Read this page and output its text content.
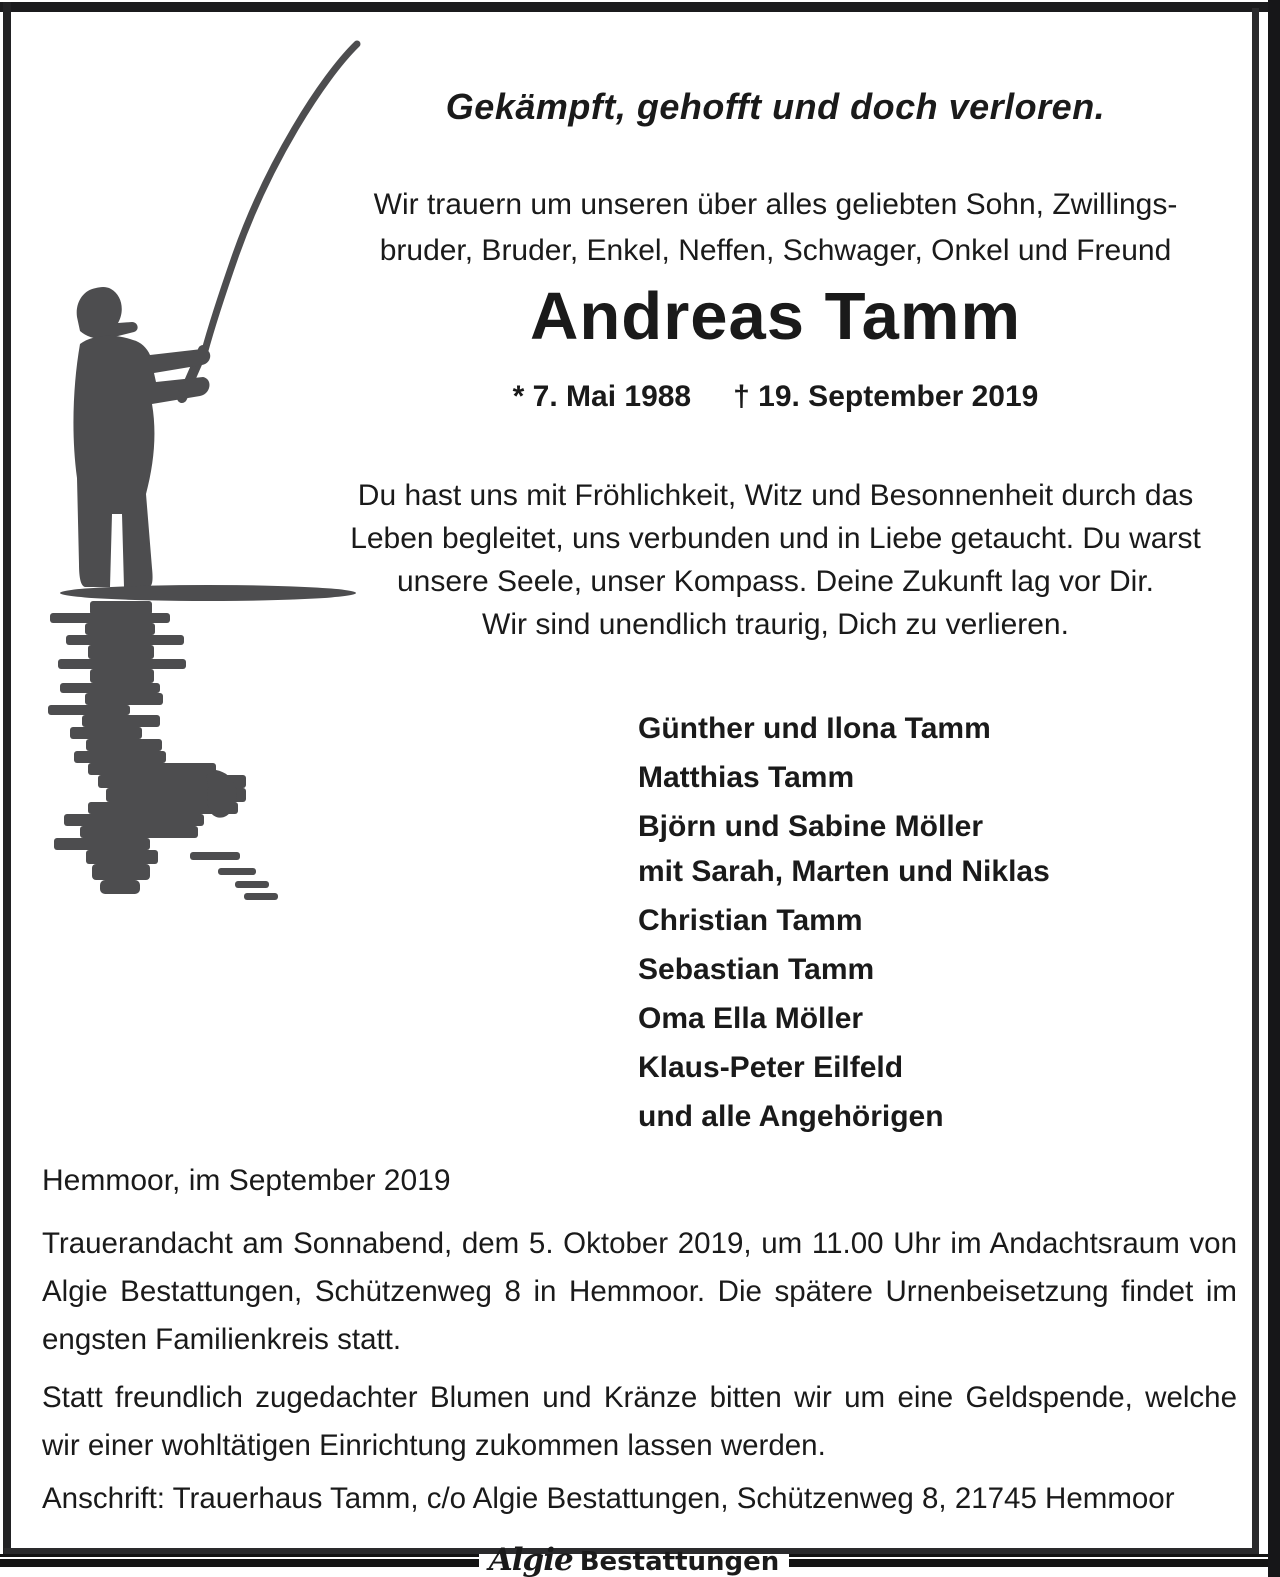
Gekämpft, gehofft und doch verloren.
Wir trauern um unseren über alles geliebten Sohn, Zwillings-
bruder, Bruder, Enkel, Neffen, Schwager, Onkel und Freund
Andreas Tamm
* 7. Mai 1988 † 19. September 2019
Du hast uns mit Fröhlichkeit, Witz und Besonnenheit durch das
Leben begleitet, uns verbunden und in Liebe getaucht. Du warst
unsere Seele, unser Kompass. Deine Zukunft lag vor Dir.
Wir sind unendlich traurig, Dich zu verlieren.
Günther und Ilona Tamm
Matthias Tamm
Björn und Sabine Möller
mit Sarah, Marten und Niklas
Christian Tamm
Sebastian Tamm
Oma Ella Möller
Klaus-Peter Eilfeld
und alle Angehörigen
Hemmoor, im September 2019
Trauerandacht am Sonnabend, dem 5. Oktober 2019, um 11.00 Uhr im Andachtsraum von Algie Bestattungen, Schützenweg 8 in Hemmoor. Die spätere Urnenbeisetzung findet im engsten Familienkreis statt.
Statt freundlich zugedachter Blumen und Kränze bitten wir um eine Geldspende, welche wir einer wohltätigen Einrichtung zukommen lassen werden.
Anschrift: Trauerhaus Tamm, c/o Algie Bestattungen, Schützenweg 8, 21745 Hemmoor
Algie Bestattungen
